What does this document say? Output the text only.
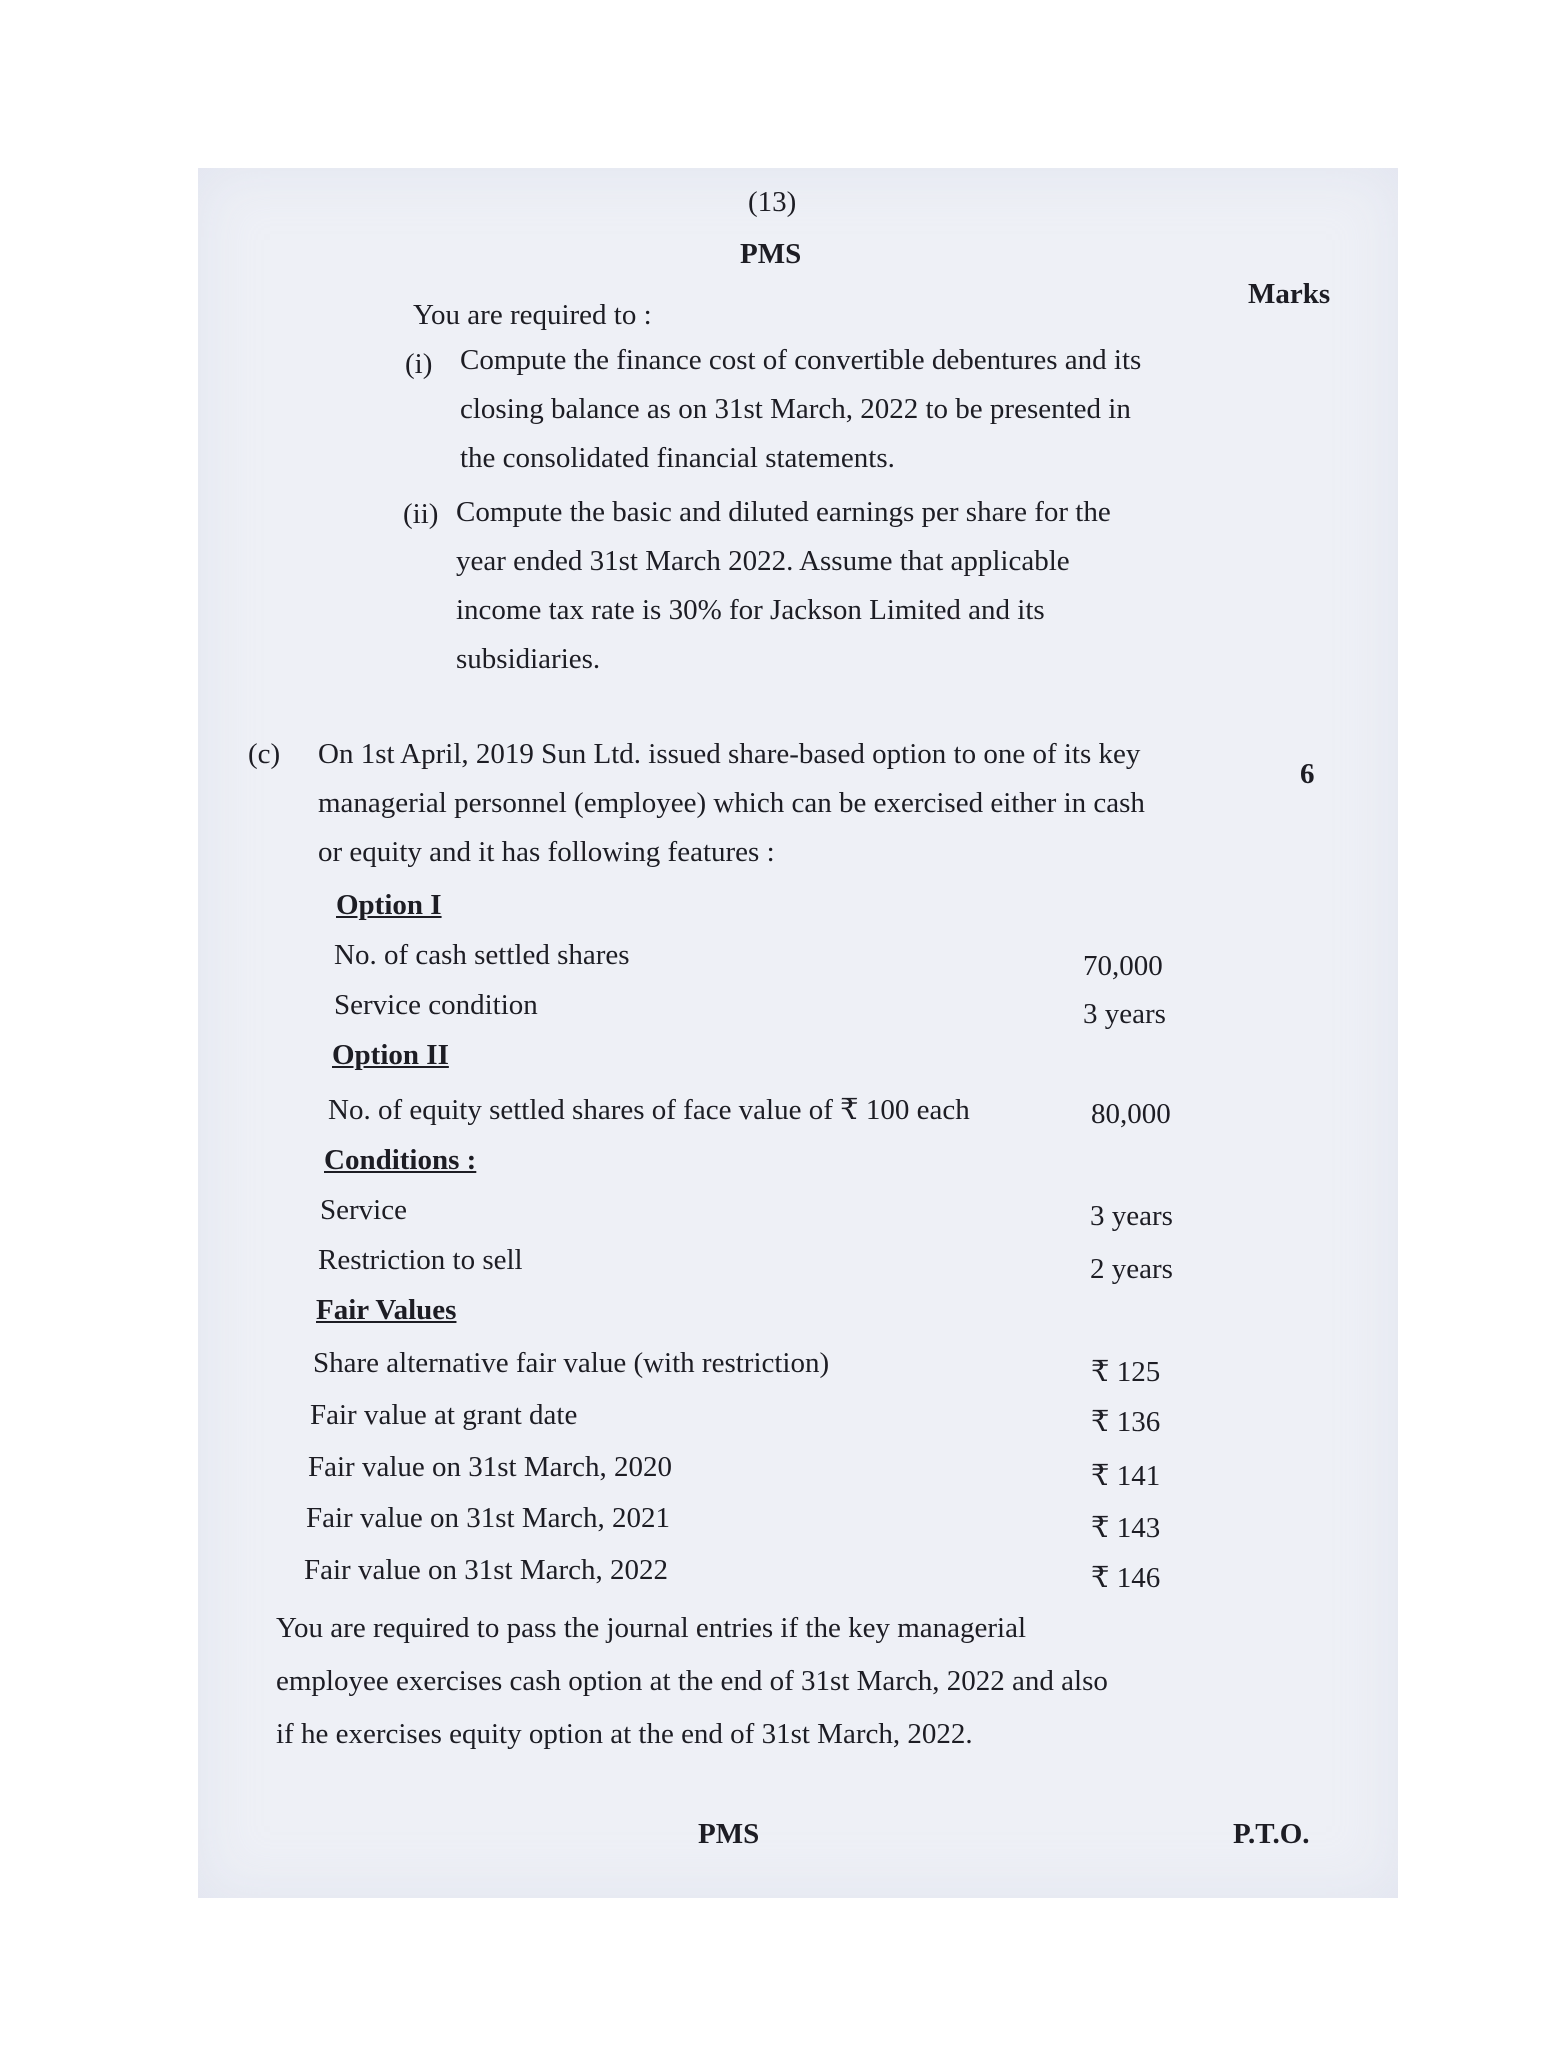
(13)
PMS
Marks
You are required to :
(i) Compute the finance cost of convertible debentures and its
closing balance as on 31st March, 2022 to be presented in
the consolidated financial statements.
(ii) Compute the basic and diluted earnings per share for the
year ended 31st March 2022. Assume that applicable
income tax rate is 30% for Jackson Limited and its
subsidiaries.
(c)
6
On 1st April, 2019 Sun Ltd. issued share-based option to one of its key
managerial personnel (employee) which can be exercised either in cash
or equity and it has following features :
Option I
No. of cash settled shares	70,000
Service condition	3 years
Option II
No. of equity settled shares of face value of ₹ 100 each	80,000
Conditions :
Service	3 years
Restriction to sell	2 years
Fair Values
Share alternative fair value (with restriction)	₹ 125
Fair value at grant date	₹ 136
Fair value on 31st March, 2020	₹ 141
Fair value on 31st March, 2021	₹ 143
Fair value on 31st March, 2022	₹ 146
You are required to pass the journal entries if the key managerial
employee exercises cash option at the end of 31st March, 2022 and also
if he exercises equity option at the end of 31st March, 2022.
PMS	P.T.O.
